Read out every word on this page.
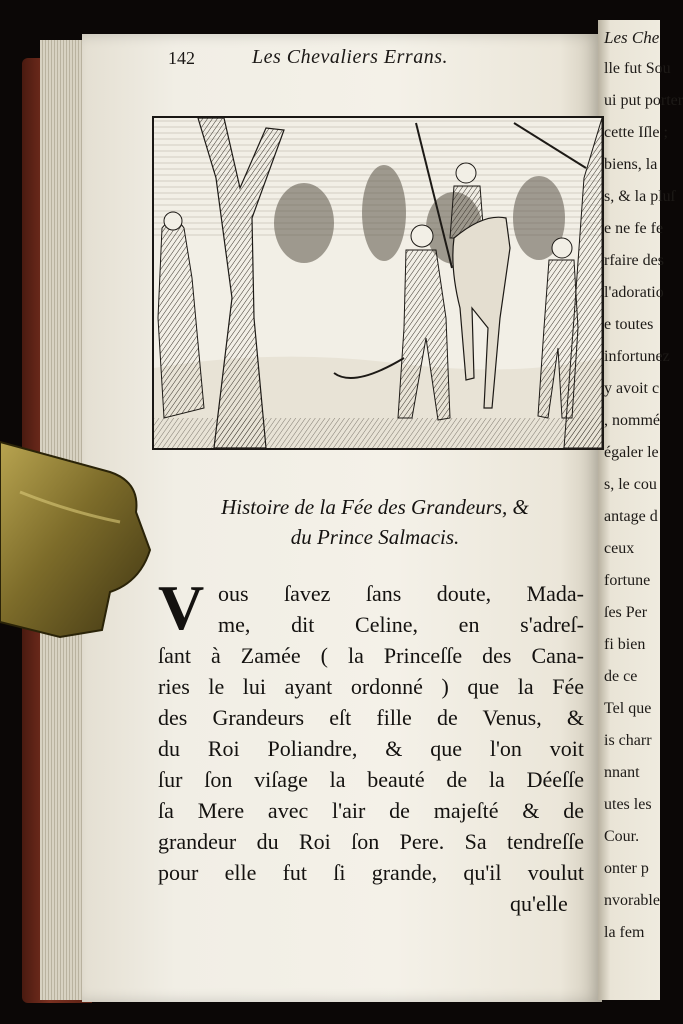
Les Che
lle fut Sou
ui put porter
cette Iſle ;
biens, la
s, & la pluſ
e ne fe fe
rfaire des
l'adoratio
e toutes
infortunez
y avoit c
, nommé
égaler le
s, le cou
antage d
ceux
fortune
ſes Per
fi bien
de ce
Tel que
is charr
nnant
utes les
Cour.
onter p
nvorable
la fem
142	Les Chevaliers Errans.
Histoire de la Fée des Grandeurs, &
du Prince Salmacis.
V ous ſavez ſans doute, Mada-
me, dit Celine, en s'adreſ-
ſant à Zamée ( la Princeſſe des Cana-
ries le lui ayant ordonné ) que la Fée
des Grandeurs eſt fille de Venus, &
du Roi Poliandre, & que l'on voit
ſur ſon viſage la beauté de la Déeſſe
ſa Mere avec l'air de majeſté & de
grandeur du Roi ſon Pere. Sa tendreſſe
pour elle fut ſi grande, qu'il voulut
qu'elle
